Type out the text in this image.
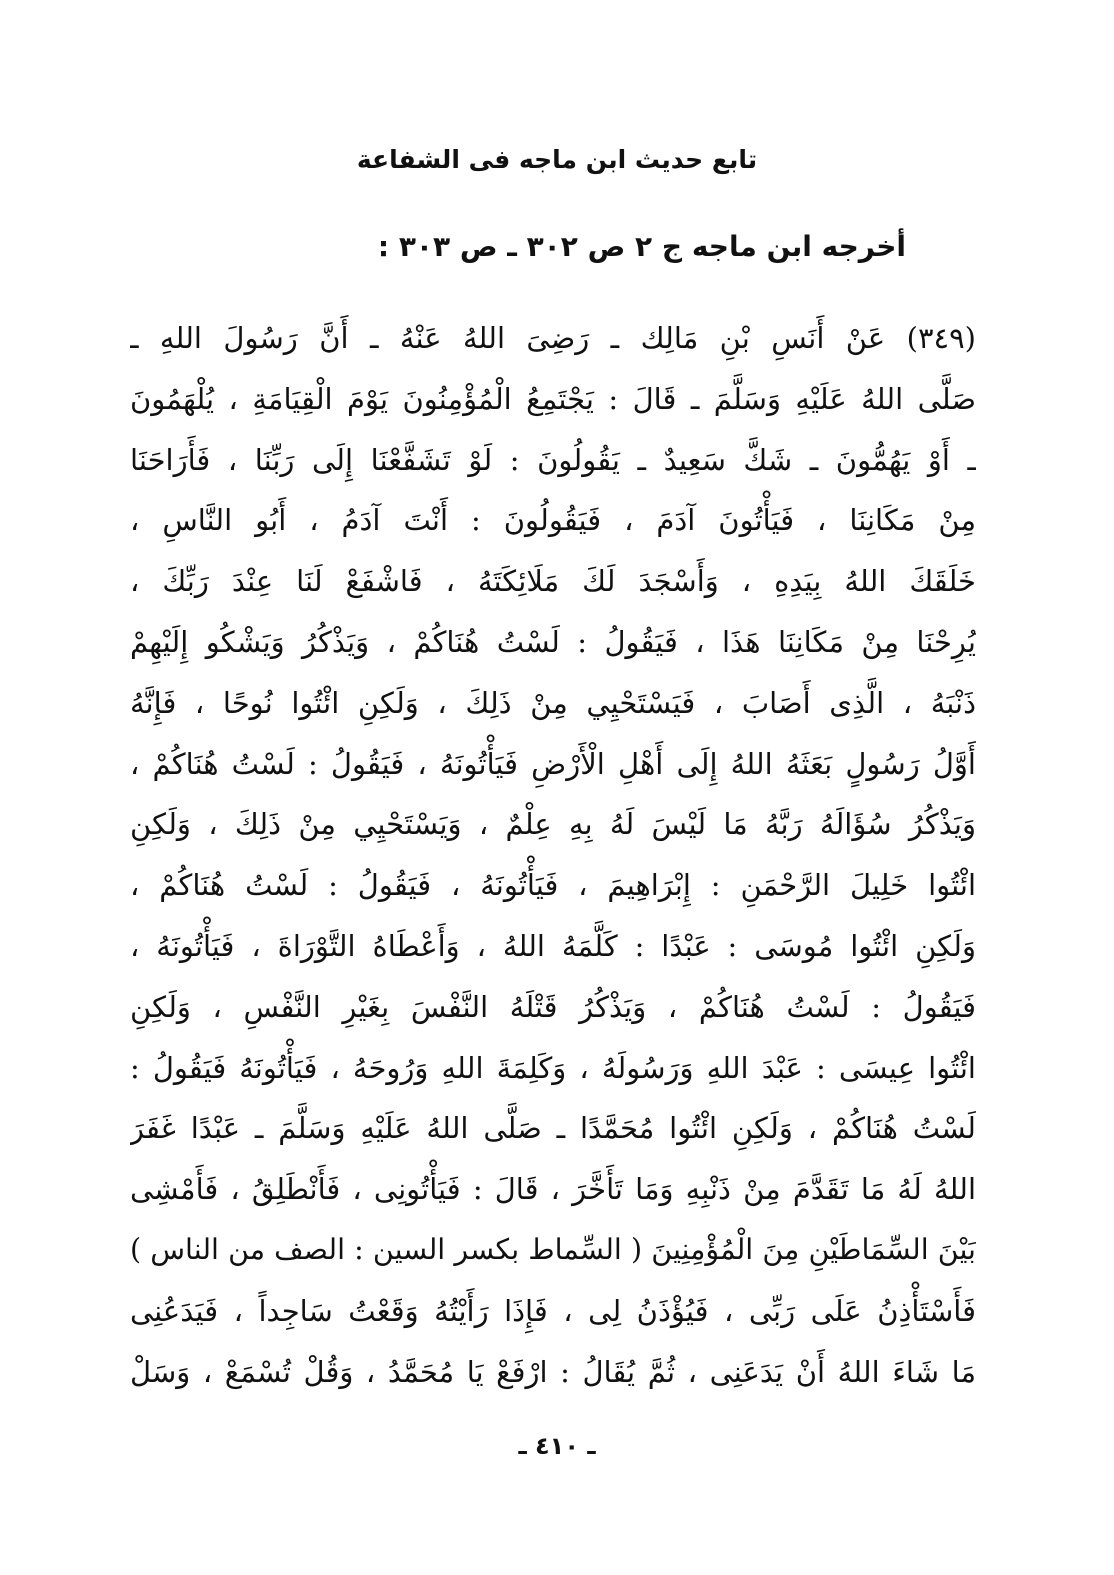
تابع حديث ابن ماجه فى الشفاعة
أخرجه ابن ماجه ج ٢ ص ٣٠٢ ـ ص ٣٠٣ :
(٣٤٩) عَنْ أَنَسِ بْنِ مَالِك ـ رَضِىَ اللهُ عَنْهُ ـ أَنَّ رَسُولَ اللهِ ـ
صَلَّى اللهُ عَلَيْهِ وَسَلَّمَ ـ قَالَ : يَجْتَمِعُ الْمُؤْمِنُونَ يَوْمَ الْقِيَامَةِ ، يُلْهَمُونَ
ـ أَوْ يَهُمُّونَ ـ شَكَّ سَعِيدٌ ـ يَقُولُونَ : لَوْ تَشَفَّعْنَا إِلَى رَبِّنَا ، فَأَرَاحَنَا
مِنْ مَكَانِنَا ، فَيَأْتُونَ آدَمَ ، فَيَقُولُونَ : أَنْتَ آدَمُ ، أَبُو النَّاسِ ،
خَلَقَكَ اللهُ بِيَدِهِ ، وَأَسْجَدَ لَكَ مَلَائِكَتَهُ ، فَاشْفَعْ لَنَا عِنْدَ رَبِّكَ ،
يُرِحْنَا مِنْ مَكَانِنَا هَذَا ، فَيَقُولُ : لَسْتُ هُنَاكُمْ ، وَيَذْكُرُ وَيَشْكُو إِلَيْهِمْ
ذَنْبَهُ ، الَّذِى أَصَابَ ، فَيَسْتَحْيِي مِنْ ذَلِكَ ، وَلَكِنِ ائْتُوا نُوحًا ، فَإِنَّهُ
أَوَّلُ رَسُولٍ بَعَثَهُ اللهُ إِلَى أَهْلِ الْأَرْضِ فَيَأْتُونَهُ ، فَيَقُولُ : لَسْتُ هُنَاكُمْ ،
وَيَذْكُرُ سُؤَالَهُ رَبَّهُ مَا لَيْسَ لَهُ بِهِ عِلْمٌ ، وَيَسْتَحْيِي مِنْ ذَلِكَ ، وَلَكِنِ
ائْتُوا خَلِيلَ الرَّحْمَنِ : إِبْرَاهِيمَ ، فَيَأْتُونَهُ ، فَيَقُولُ : لَسْتُ هُنَاكُمْ ،
وَلَكِنِ ائْتُوا مُوسَى : عَبْدًا : كَلَّمَهُ اللهُ ، وَأَعْطَاهُ التَّوْرَاةَ ، فَيَأْتُونَهُ ،
فَيَقُولُ : لَسْتُ هُنَاكُمْ ، وَيَذْكُرُ قَتْلَهُ النَّفْسَ بِغَيْرِ النَّفْسِ ، وَلَكِنِ
ائْتُوا عِيسَى : عَبْدَ اللهِ وَرَسُولَهُ ، وَكَلِمَةَ اللهِ وَرُوحَهُ ، فَيَأْتُونَهُ فَيَقُولُ :
لَسْتُ هُنَاكُمْ ، وَلَكِنِ ائْتُوا مُحَمَّدًا ـ صَلَّى اللهُ عَلَيْهِ وَسَلَّمَ ـ عَبْدًا غَفَرَ
اللهُ لَهُ مَا تَقَدَّمَ مِنْ ذَنْبِهِ وَمَا تَأَخَّرَ ، قَالَ : فَيَأْتُونِى ، فَأَنْطَلِقُ ، فَأَمْشِى
بَيْنَ السِّمَاطَيْنِ مِنَ الْمُؤْمِنِينَ ( السِّماط بكسر السين : الصف من الناس )
فَأَسْتَأْذِنُ عَلَى رَبِّى ، فَيُؤْذَنُ لِى ، فَإِذَا رَأَيْتُهُ وَقَعْتُ سَاجِداً ، فَيَدَعُنِى
مَا شَاءَ اللهُ أَنْ يَدَعَنِى ، ثُمَّ يُقَالُ : ارْفَعْ يَا مُحَمَّدُ ، وَقُلْ تُسْمَعْ ، وَسَلْ
ـ ٤١٠ ـ
